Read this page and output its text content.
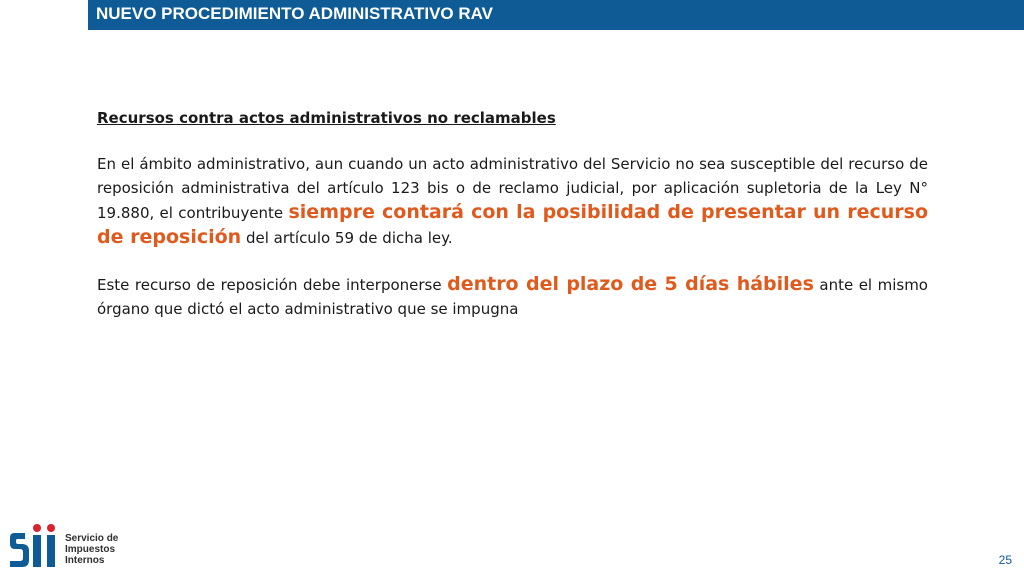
NUEVO PROCEDIMIENTO ADMINISTRATIVO RAV

Recursos contra actos administrativos no reclamables

En el ámbito administrativo, aun cuando un acto administrativo del Servicio no sea susceptible del recurso de reposición administrativa del artículo 123 bis o de reclamo judicial, por aplicación supletoria de la Ley N° 19.880, el contribuyente siempre contará con la posibilidad de presentar un recurso de reposición del artículo 59 de dicha ley.

Este recurso de reposición debe interponerse dentro del plazo de 5 días hábiles ante el mismo órgano que dictó el acto administrativo que se impugna

Servicio de
Impuestos
Internos	25
